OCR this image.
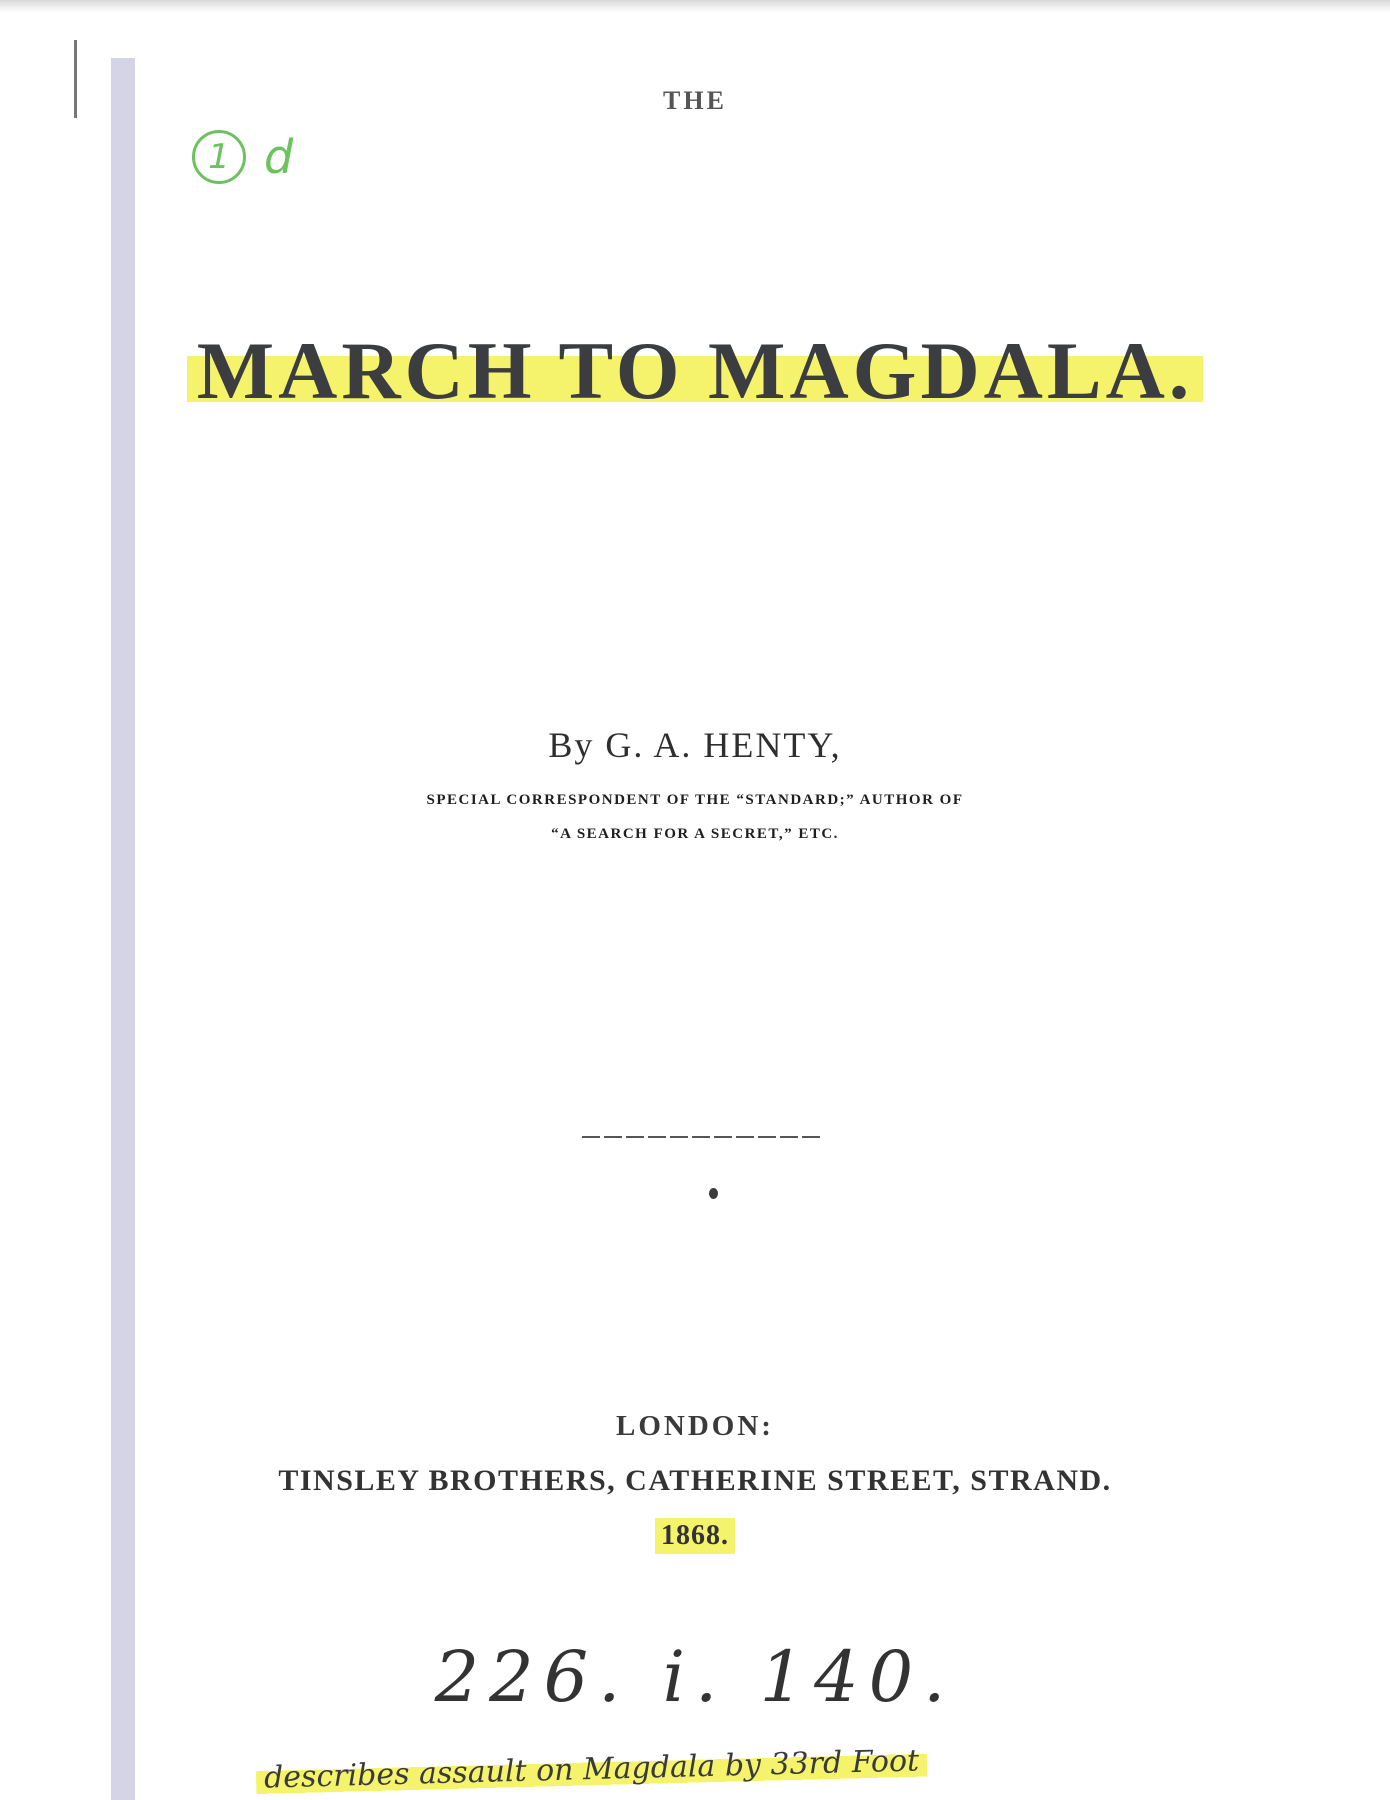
1 d
THE
MARCH TO MAGDALA.
By G. A. HENTY,
SPECIAL CORRESPONDENT OF THE “STANDARD;” AUTHOR OF
“A SEARCH FOR A SECRET,” ETC.
LONDON:
TINSLEY BROTHERS, CATHERINE STREET, STRAND.
1868.
226. i. 140.
describes assault on Magdala by 33rd Foot
